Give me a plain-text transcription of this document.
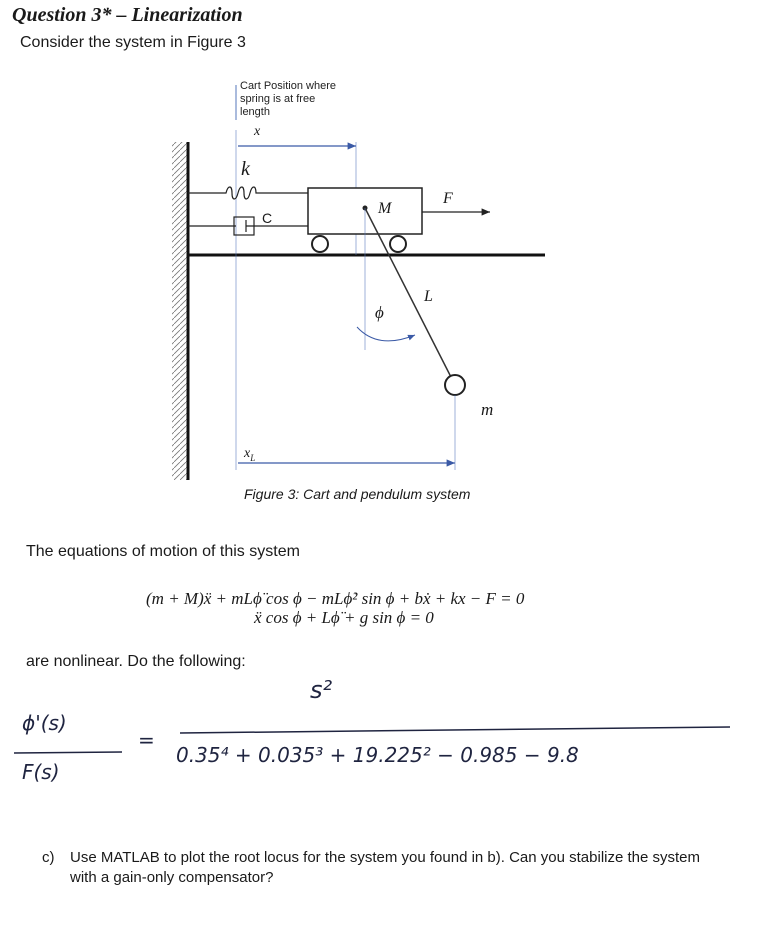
Question 3* – Linearization
Consider the system in Figure 3
Cart Position where
spring is at free
length
x
k
C
M
F
L
ϕ
m
$x_L$
Figure 3: Cart and pendulum system
The equations of motion of this system
(m + M)ẍ + mLϕ̈ cos ϕ − mLϕ̇² sin ϕ + bẋ + kx − F = 0
ẍ cos ϕ + Lϕ̈ + g sin ϕ = 0
are nonlinear. Do the following:
ϕ'(s)
F(s)
=
s²
0.35⁴ + 0.035³ + 19.225² − 0.985 − 9.8
c)	Use MATLAB to plot the root locus for the system you found in b). Can you stabilize the system with a gain-only compensator?
